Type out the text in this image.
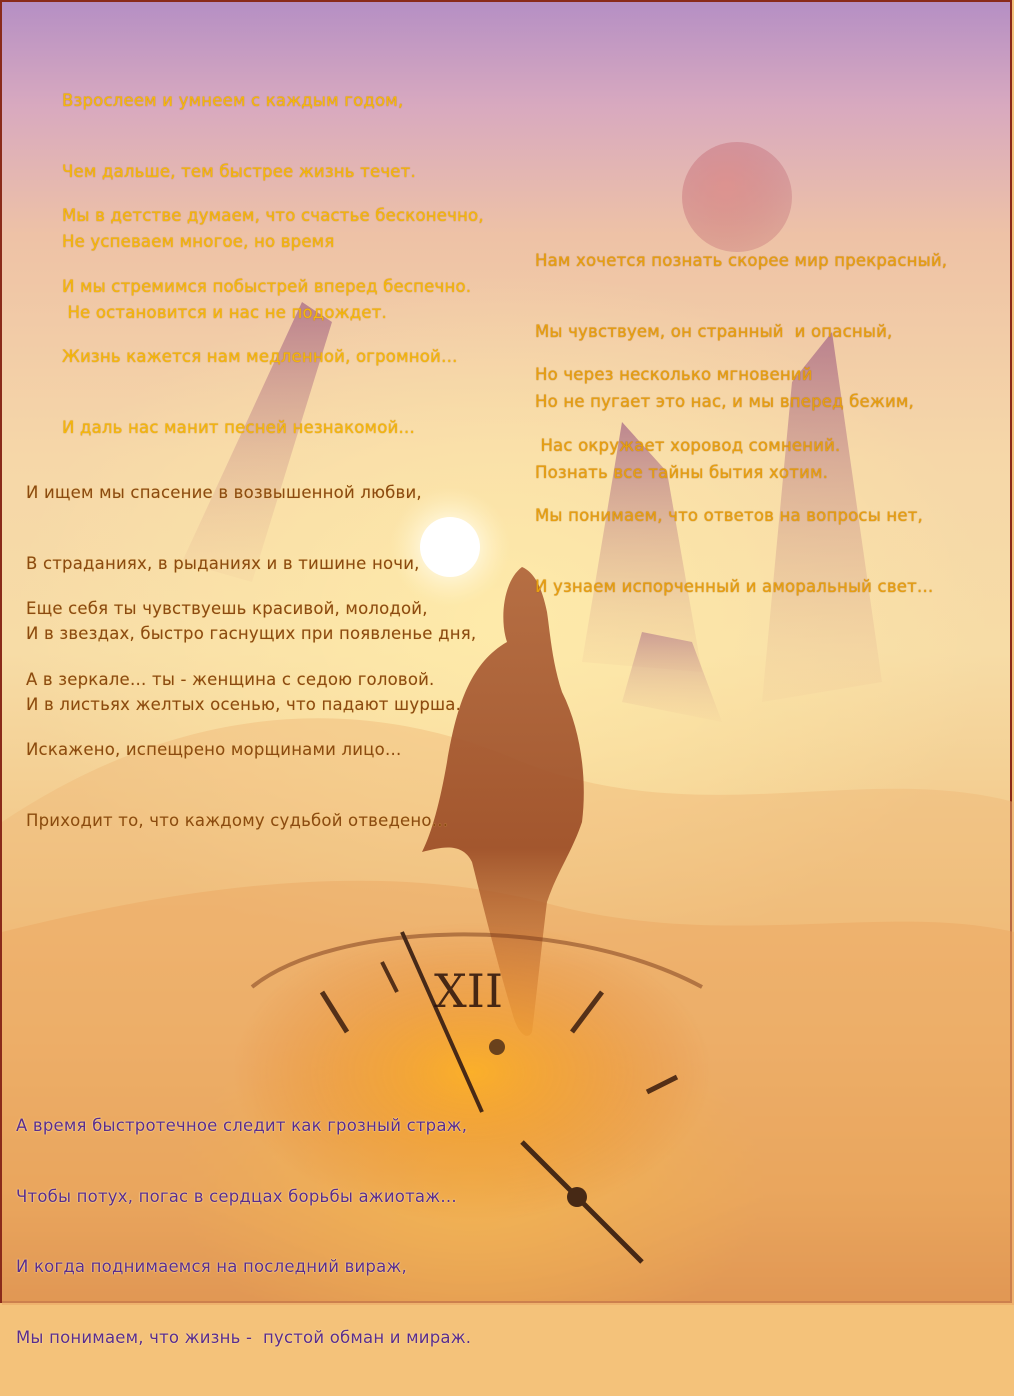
XII

Взрослеем и умнеем с каждым годом,

Чем дальше, тем быстрее жизнь течет.

Не успеваем многое, но время

Не остановится и нас не подождет.

Мы в детстве думаем, что счастье бесконечно,

И мы стремимся побыстрей вперед беспечно.

Жизнь кажется нам медленной, огромной…

И даль нас манит песней незнакомой…

Нам хочется познать скорее мир прекрасный,

Мы чувствуем, он странный  и опасный,

Но не пугает это нас, и мы вперед бежим,

Познать все тайны бытия хотим.

Но через несколько мгновений

Нас окружает хоровод сомнений.

Мы понимаем, что ответов на вопросы нет,

И узнаем испорченный и аморальный свет…

И ищем мы спасение в возвышенной любви,

В страданиях, в рыданиях и в тишине ночи,

И в звездах, быстро гаснущих при появленье дня,

И в листьях желтых осенью, что падают шурша.

Еще себя ты чувствуешь красивой, молодой,

А в зеркале… ты - женщина с седою головой.

Искажено, испещрено морщинами лицо…

Приходит то, что каждому судьбой отведено…

А время быстротечное следит как грозный страж,

Чтобы потух, погас в сердцах борьбы ажиотаж…

И когда поднимаемся на последний вираж,

Мы понимаем, что жизнь -  пустой обман и мираж.
